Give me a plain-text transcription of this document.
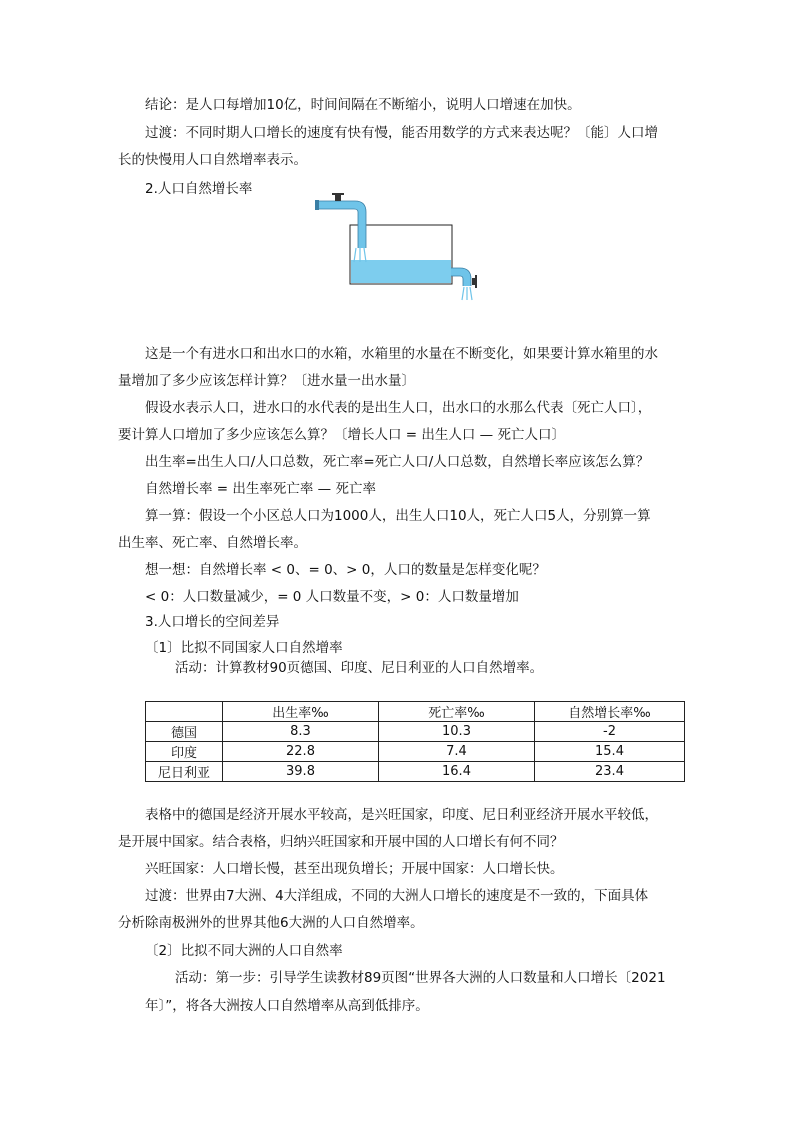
结论：是人口每增加10亿，时间间隔在不断缩小，说明人口增速在加快。
过渡：不同时期人口增长的速度有快有慢，能否用数学的方式来表达呢？〔能〕人口增
长的快慢用人口自然增率表示。
2.人口自然增长率
这是一个有进水口和出水口的水箱，水箱里的水量在不断变化，如果要计算水箱里的水
量增加了多少应该怎样计算？〔进水量一出水量〕
假设水表示人口，进水口的水代表的是出生人口，出水口的水那么代表〔死亡人口〕，
要计算人口增加了多少应该怎么算？〔增长人口 = 出生人口 — 死亡人口〕
出生率=出生人口/人口总数，死亡率=死亡人口/人口总数，自然增长率应该怎么算？
自然增长率 = 出生率死亡率 — 死亡率
算一算：假设一个小区总人口为1000人，出生人口10人，死亡人口5人，分别算一算
出生率、死亡率、自然增长率。
想一想：自然增长率 < 0、= 0、> 0，人口的数量是怎样变化呢？
< 0：人口数量减少，= 0 人口数量不变，> 0：人口数量增加
3.人口增长的空间差异
〔1〕比拟不同国家人口自然增率
活动：计算教材90页德国、印度、尼日利亚的人口自然增率。
	出生率‰	死亡率‰	自然增长率‰
德国	8.3	10.3	-2
印度	22.8	7.4	15.4
尼日利亚	39.8	16.4	23.4
表格中的德国是经济开展水平较高，是兴旺国家，印度、尼日利亚经济开展水平较低，
是开展中国家。结合表格，归纳兴旺国家和开展中国的人口增长有何不同？
兴旺国家：人口增长慢，甚至出现负增长；开展中国家：人口增长快。
过渡：世界由7大洲、4大洋组成，不同的大洲人口增长的速度是不一致的，下面具体
分析除南极洲外的世界其他6大洲的人口自然增率。
〔2〕比拟不同大洲的人口自然率
活动：第一步：引导学生读教材89页图“世界各大洲的人口数量和人口增长〔2021
年〕”，将各大洲按人口自然增率从高到低排序。
